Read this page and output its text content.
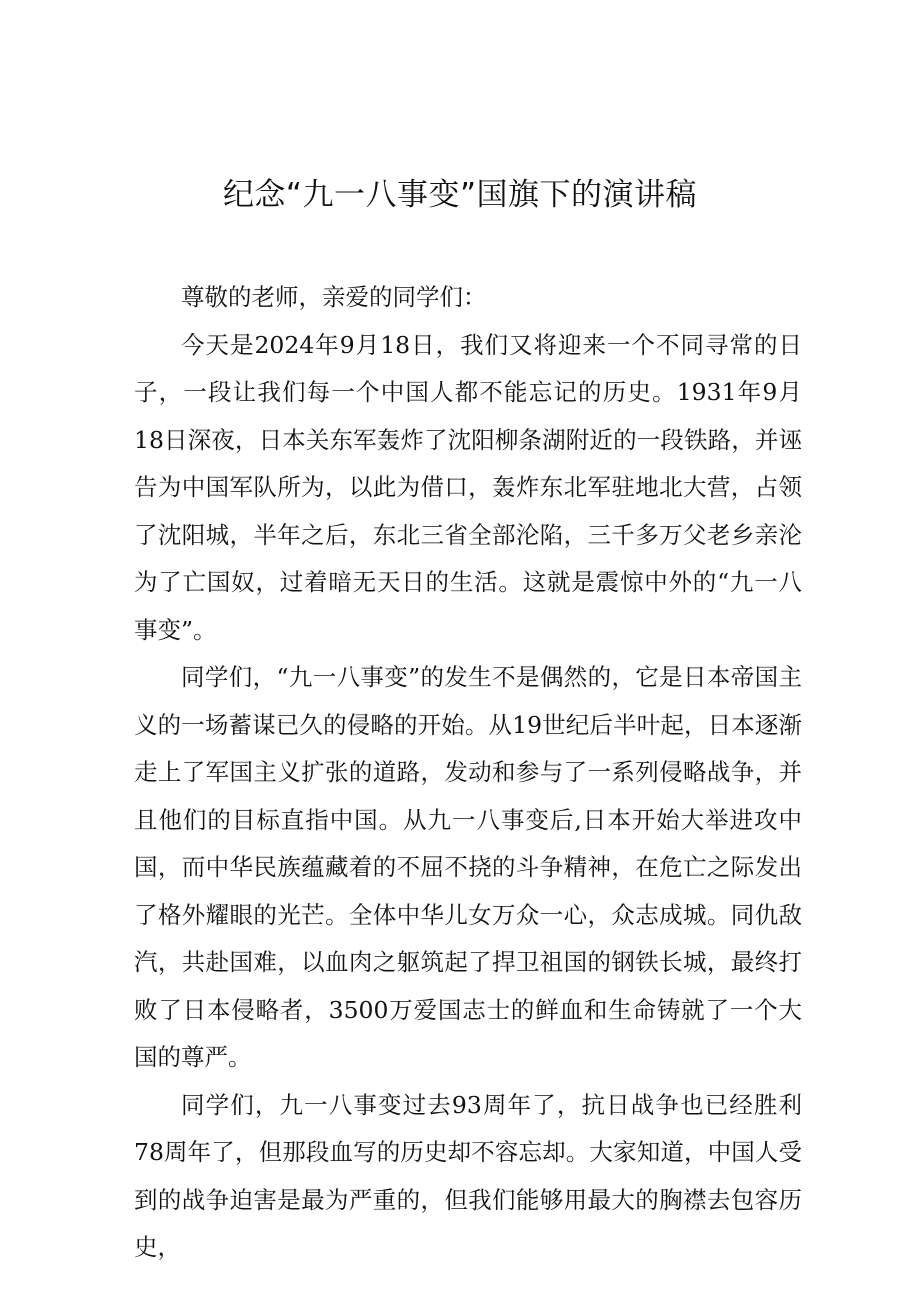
纪念“九一八事变”国旗下的演讲稿

尊敬的老师，亲爱的同学们：

今天是2024年9月18日，我们又将迎来一个不同寻常的日子，一段让我们每一个中国人都不能忘记的历史。1931年9月18日深夜，日本关东军轰炸了沈阳柳条湖附近的一段铁路，并诬告为中国军队所为，以此为借口，轰炸东北军驻地北大营，占领了沈阳城，半年之后，东北三省全部沦陷，三千多万父老乡亲沦为了亡国奴，过着暗无天日的生活。这就是震惊中外的“九一八事变”。

同学们，“九一八事变”的发生不是偶然的，它是日本帝国主义的一场蓄谋已久的侵略的开始。从19世纪后半叶起，日本逐渐走上了军国主义扩张的道路，发动和参与了一系列侵略战争，并且他们的目标直指中国。从九一八事变后,日本开始大举进攻中国，而中华民族蕴藏着的不屈不挠的斗争精神，在危亡之际发出了格外耀眼的光芒。全体中华儿女万众一心，众志成城。同仇敌汽，共赴国难，以血肉之躯筑起了捍卫祖国的钢铁长城，最终打败了日本侵略者，3500万爱国志士的鲜血和生命铸就了一个大国的尊严。

同学们，九一八事变过去93周年了，抗日战争也已经胜利78周年了，但那段血写的历史却不容忘却。大家知道，中国人受到的战争迫害是最为严重的，但我们能够用最大的胸襟去包容历史，
